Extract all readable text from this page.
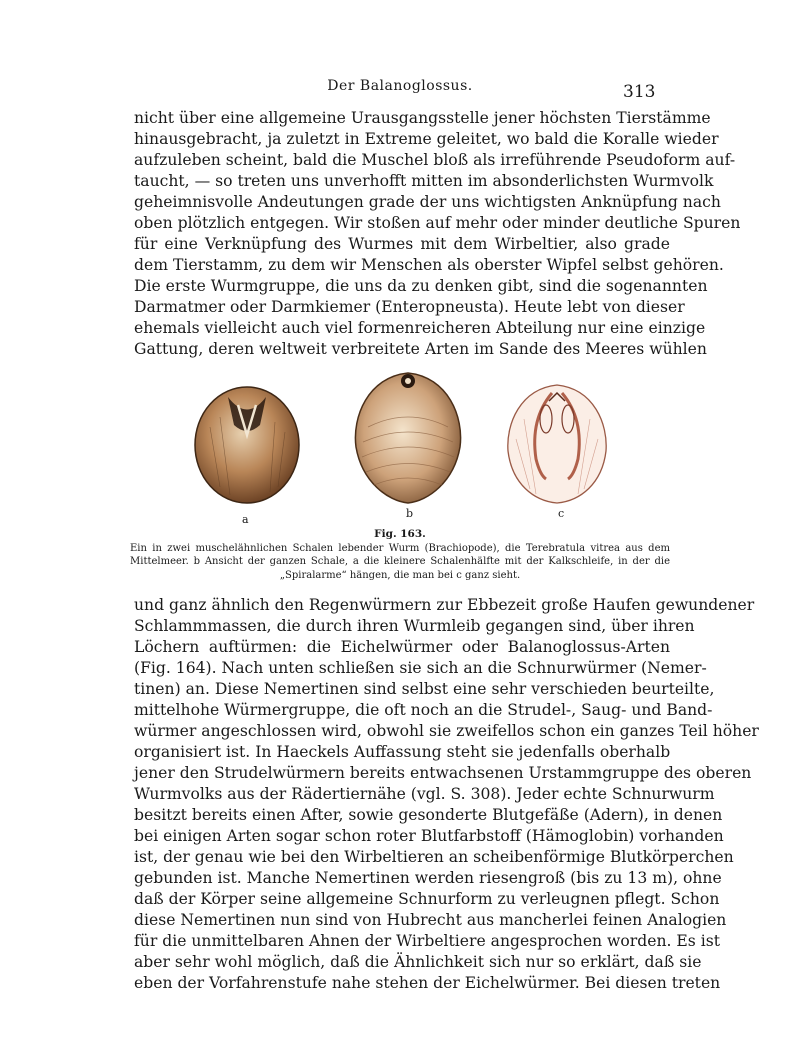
Der Balanoglossus.	313
nicht über eine allgemeine Urausgangsstelle jener höchsten Tierstämme
hinausgebracht, ja zuletzt in Extreme geleitet, wo bald die Koralle wieder
aufzuleben scheint, bald die Muschel bloß als irreführende Pseudoform auf-
taucht, — so treten uns unverhofft mitten im absonderlichsten Wurmvolk
geheimnisvolle Andeutungen grade der uns wichtigsten Anknüpfung nach
oben plötzlich entgegen. Wir stoßen auf mehr oder minder deutliche Spuren
für eine Verknüpfung des Wurmes mit dem Wirbeltier, also grade
dem Tierstamm, zu dem wir Menschen als oberster Wipfel selbst gehören.
Die erste Wurmgruppe, die uns da zu denken gibt, sind die sogenannten
Darmatmer oder Darmkiemer (Enteropneusta). Heute lebt von dieser
ehemals vielleicht auch viel formenreicheren Abteilung nur eine einzige
Gattung, deren weltweit verbreitete Arten im Sande des Meeres wühlen
a	b	c
Fig. 163.
Ein in zwei muschelähnlichen Schalen lebender Wurm (Brachiopode), die Terebratula vitrea aus dem
Mittelmeer. b Ansicht der ganzen Schale, a die kleinere Schalenhälfte mit der Kalkschleife, in der die
„Spiralarme“ hängen, die man bei c ganz sieht.
und ganz ähnlich den Regenwürmern zur Ebbezeit große Haufen gewundener
Schlammmassen, die durch ihren Wurmleib gegangen sind, über ihren
Löchern auftürmen: die Eichelwürmer oder Balanoglossus-Arten
(Fig. 164). Nach unten schließen sie sich an die Schnurwürmer (Nemer-
tinen) an. Diese Nemertinen sind selbst eine sehr verschieden beurteilte,
mittelhohe Würmergruppe, die oft noch an die Strudel-, Saug- und Band-
würmer angeschlossen wird, obwohl sie zweifellos schon ein ganzes Teil höher
organisiert ist. In Haeckels Auffassung steht sie jedenfalls oberhalb
jener den Strudelwürmern bereits entwachsenen Urstammgruppe des oberen
Wurmvolks aus der Rädertiernähe (vgl. S. 308). Jeder echte Schnurwurm
besitzt bereits einen After, sowie gesonderte Blutgefäße (Adern), in denen
bei einigen Arten sogar schon roter Blutfarbstoff (Hämoglobin) vorhanden
ist, der genau wie bei den Wirbeltieren an scheibenförmige Blutkörperchen
gebunden ist. Manche Nemertinen werden riesengroß (bis zu 13 m), ohne
daß der Körper seine allgemeine Schnurform zu verleugnen pflegt. Schon
diese Nemertinen nun sind von Hubrecht aus mancherlei feinen Analogien
für die unmittelbaren Ahnen der Wirbeltiere angesprochen worden. Es ist
aber sehr wohl möglich, daß die Ähnlichkeit sich nur so erklärt, daß sie
eben der Vorfahrenstufe nahe stehen der Eichelwürmer. Bei diesen treten
